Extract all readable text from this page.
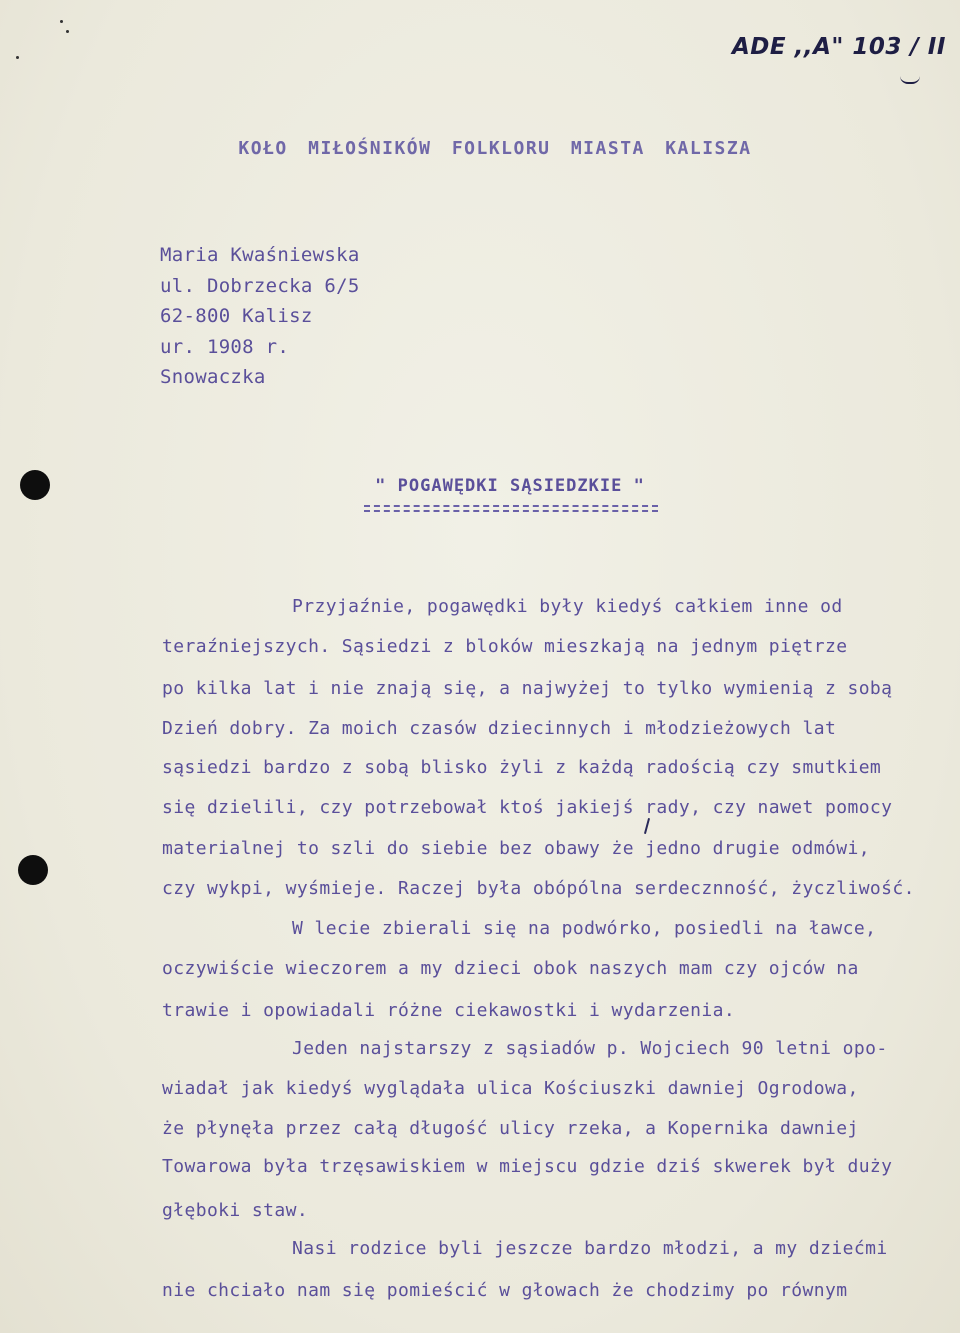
ADE ,,A" 103 / II
KOŁO MIŁOŚNIKÓW FOLKLORU MIASTA KALISZA
Maria Kwaśniewska
ul. Dobrzecka 6/5
62-800 Kalisz
ur. 1908 r.
Snowaczka
" POGAWĘDKI SĄSIEDZKIE "
Przyjaźnie, pogawędki były kiedyś całkiem inne od
teraźniejszych. Sąsiedzi z bloków mieszkają na jednym piętrze
po kilka lat i nie znają się, a najwyżej to tylko wymienią z sobą
Dzień dobry. Za moich czasów dziecinnych i młodzieżowych lat
sąsiedzi bardzo z sobą blisko żyli z każdą radością czy smutkiem
się dzielili, czy potrzebował ktoś jakiejś rady, czy nawet pomocy
materialnej to szli do siebie bez obawy że jedno drugie odmówi,
czy wykpi, wyśmieje. Raczej była obópólna serdecznność, życzliwość.
W lecie zbierali się na podwórko, posiedli na ławce,
oczywiście wieczorem a my dzieci obok naszych mam czy ojców na
trawie i opowiadali różne ciekawostki i wydarzenia.
Jeden najstarszy z sąsiadów p. Wojciech 90 letni opo-
wiadał jak kiedyś wyglądała ulica Kościuszki dawniej Ogrodowa,
że płynęła przez całą długość ulicy rzeka, a Kopernika dawniej
Towarowa była trzęsawiskiem w miejscu gdzie dziś skwerek był duży
głęboki staw.
Nasi rodzice byli jeszcze bardzo młodzi, a my dziećmi
nie chciało nam się pomieścić w głowach że chodzimy po równym
